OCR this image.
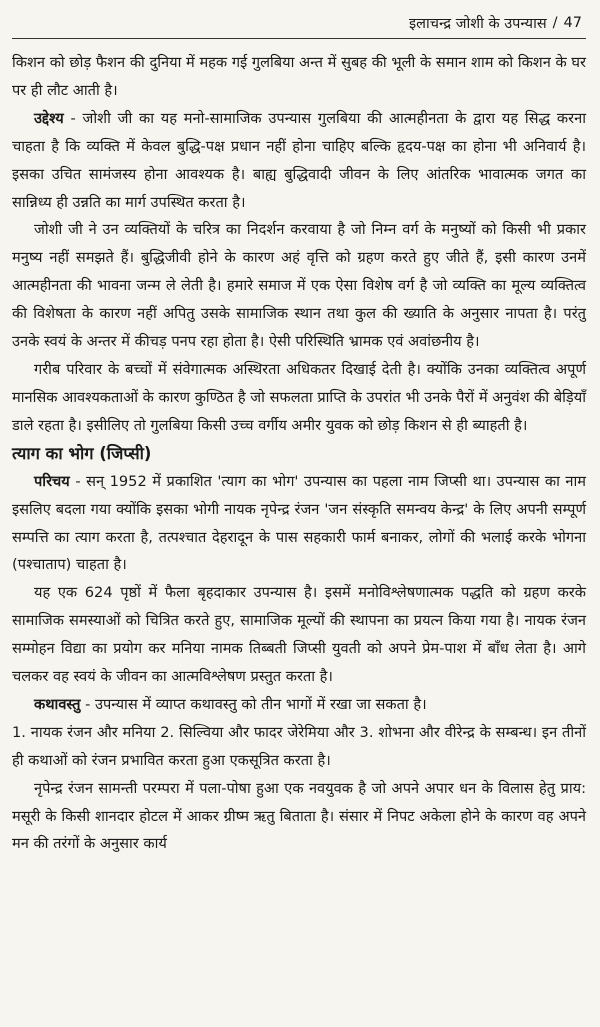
इलाचन्द्र जोशी के उपन्यास / 47

किशन को छोड़ फैशन की दुनिया में महक गई गुलबिया अन्त में सुबह की भूली के समान शाम को किशन के घर पर ही लौट आती है।

उद्देश्य - जोशी जी का यह मनो-सामाजिक उपन्यास गुलबिया की आत्महीनता के द्वारा यह सिद्ध करना चाहता है कि व्यक्ति में केवल बुद्धि-पक्ष प्रधान नहीं होना चाहिए बल्कि हृदय-पक्ष का होना भी अनिवार्य है। इसका उचित सामंजस्य होना आवश्यक है। बाह्य बुद्धिवादी जीवन के लिए आंतरिक भावात्मक जगत का सान्निध्य ही उन्नति का मार्ग उपस्थित करता है।

जोशी जी ने उन व्यक्तियों के चरित्र का निदर्शन करवाया है जो निम्न वर्ग के मनुष्यों को किसी भी प्रकार मनुष्य नहीं समझते हैं। बुद्धिजीवी होने के कारण अहं वृत्ति को ग्रहण करते हुए जीते हैं, इसी कारण उनमें आत्महीनता की भावना जन्म ले लेती है। हमारे समाज में एक ऐसा विशेष वर्ग है जो व्यक्ति का मूल्य व्यक्तित्व की विशेषता के कारण नहीं अपितु उसके सामाजिक स्थान तथा कुल की ख्याति के अनुसार नापता है। परंतु उनके स्वयं के अन्तर में कीचड़ पनप रहा होता है। ऐसी परिस्थिति भ्रामक एवं अवांछनीय है।

गरीब परिवार के बच्चों में संवेगात्मक अस्थिरता अधिकतर दिखाई देती है। क्योंकि उनका व्यक्तित्व अपूर्ण मानसिक आवश्यकताओं के कारण कुण्ठित है जो सफलता प्राप्ति के उपरांत भी उनके पैरों में अनुवंश की बेड़ियाँ डाले रहता है। इसीलिए तो गुलबिया किसी उच्च वर्गीय अमीर युवक को छोड़ किशन से ही ब्याहती है।

त्याग का भोग (जिप्सी)

परिचय - सन् 1952 में प्रकाशित 'त्याग का भोग' उपन्यास का पहला नाम जिप्सी था। उपन्यास का नाम इसलिए बदला गया क्योंकि इसका भोगी नायक नृपेन्द्र रंजन 'जन संस्कृति समन्वय केन्द्र' के लिए अपनी सम्पूर्ण सम्पत्ति का त्याग करता है, तत्पश्चात देहरादून के पास सहकारी फार्म बनाकर, लोगों की भलाई करके भोगना (पश्चाताप) चाहता है।

यह एक 624 पृष्ठों में फैला बृहदाकार उपन्यास है। इसमें मनोविश्लेषणात्मक पद्धति को ग्रहण करके सामाजिक समस्याओं को चित्रित करते हुए, सामाजिक मूल्यों की स्थापना का प्रयत्न किया गया है। नायक रंजन सम्मोहन विद्या का प्रयोग कर मनिया नामक तिब्बती जिप्सी युवती को अपने प्रेम-पाश में बाँध लेता है। आगे चलकर वह स्वयं के जीवन का आत्मविश्लेषण प्रस्तुत करता है।

कथावस्तु - उपन्यास में व्याप्त कथावस्तु को तीन भागों में रखा जा सकता है।

1. नायक रंजन और मनिया 2. सिल्विया और फादर जेरेमिया और 3. शोभना और वीरेन्द्र के सम्बन्ध। इन तीनों ही कथाओं को रंजन प्रभावित करता हुआ एकसूत्रित करता है।

नृपेन्द्र रंजन सामन्ती परम्परा में पला-पोषा हुआ एक नवयुवक है जो अपने अपार धन के विलास हेतु प्राय: मसूरी के किसी शानदार होटल में आकर ग्रीष्म ऋतु बिताता है। संसार में निपट अकेला होने के कारण वह अपने मन की तरंगों के अनुसार कार्य
